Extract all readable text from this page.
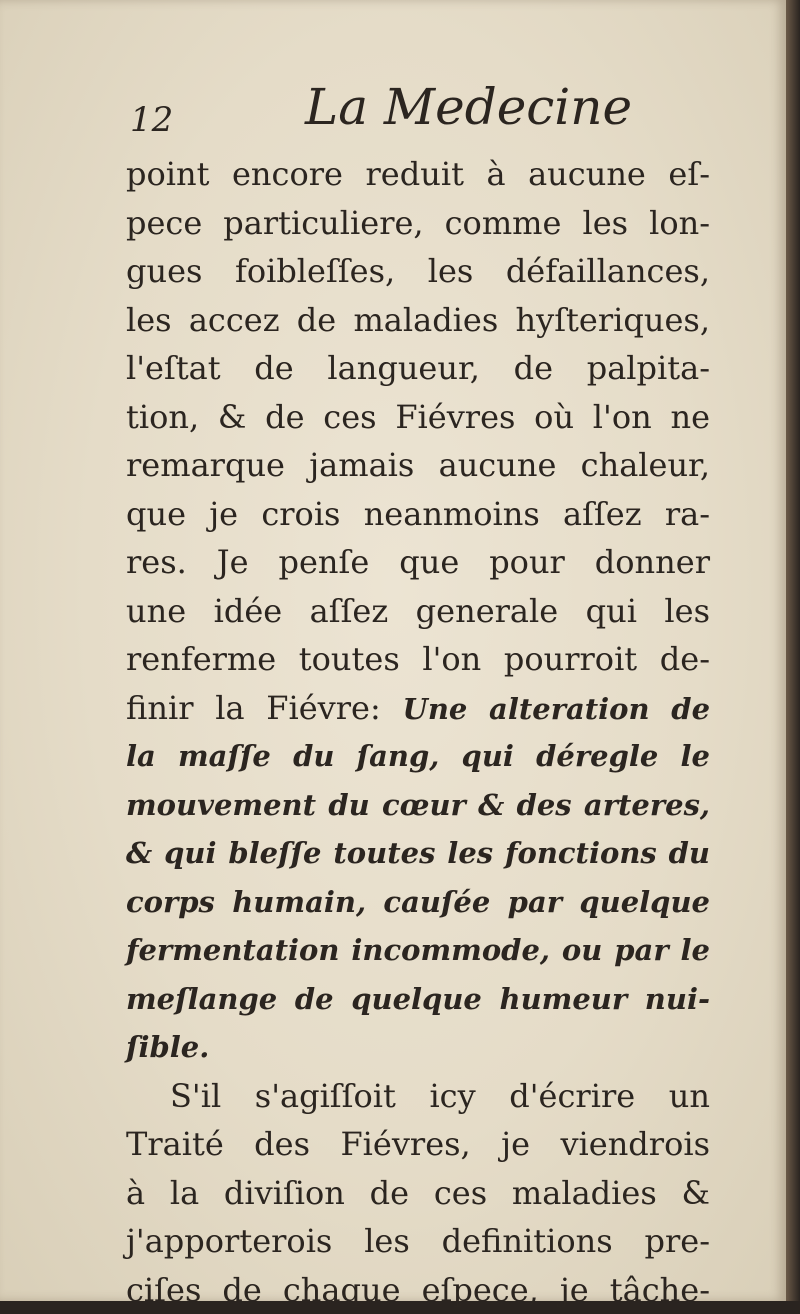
12	La Medecine
point encore reduit à aucune eſ-
pece particuliere, comme les lon-
gues foibleſſes, les défaillances,
les accez de maladies hyſteriques,
l'eſtat de langueur, de palpita-
tion, & de ces Fiévres où l'on ne
remarque jamais aucune chaleur,
que je crois neanmoins aſſez ra-
res. Je penſe que pour donner
une idée aſſez generale qui les
renferme toutes l'on pourroit de-
finir la Fiévre: Une alteration de
la maſſe du ſang, qui déregle le
mouvement du cœur & des arteres,
& qui bleſſe toutes les fonctions du
corps humain, cauſée par quelque
fermentation incommode, ou par le
meſlange de quelque humeur nui-
ſible.
S'il s'agiſſoit icy d'écrire un
Traité des Fiévres, je viendrois
à la diviſion de ces maladies &
j'apporterois les definitions pre-
ciſes de chaque eſpece, je tâche-
